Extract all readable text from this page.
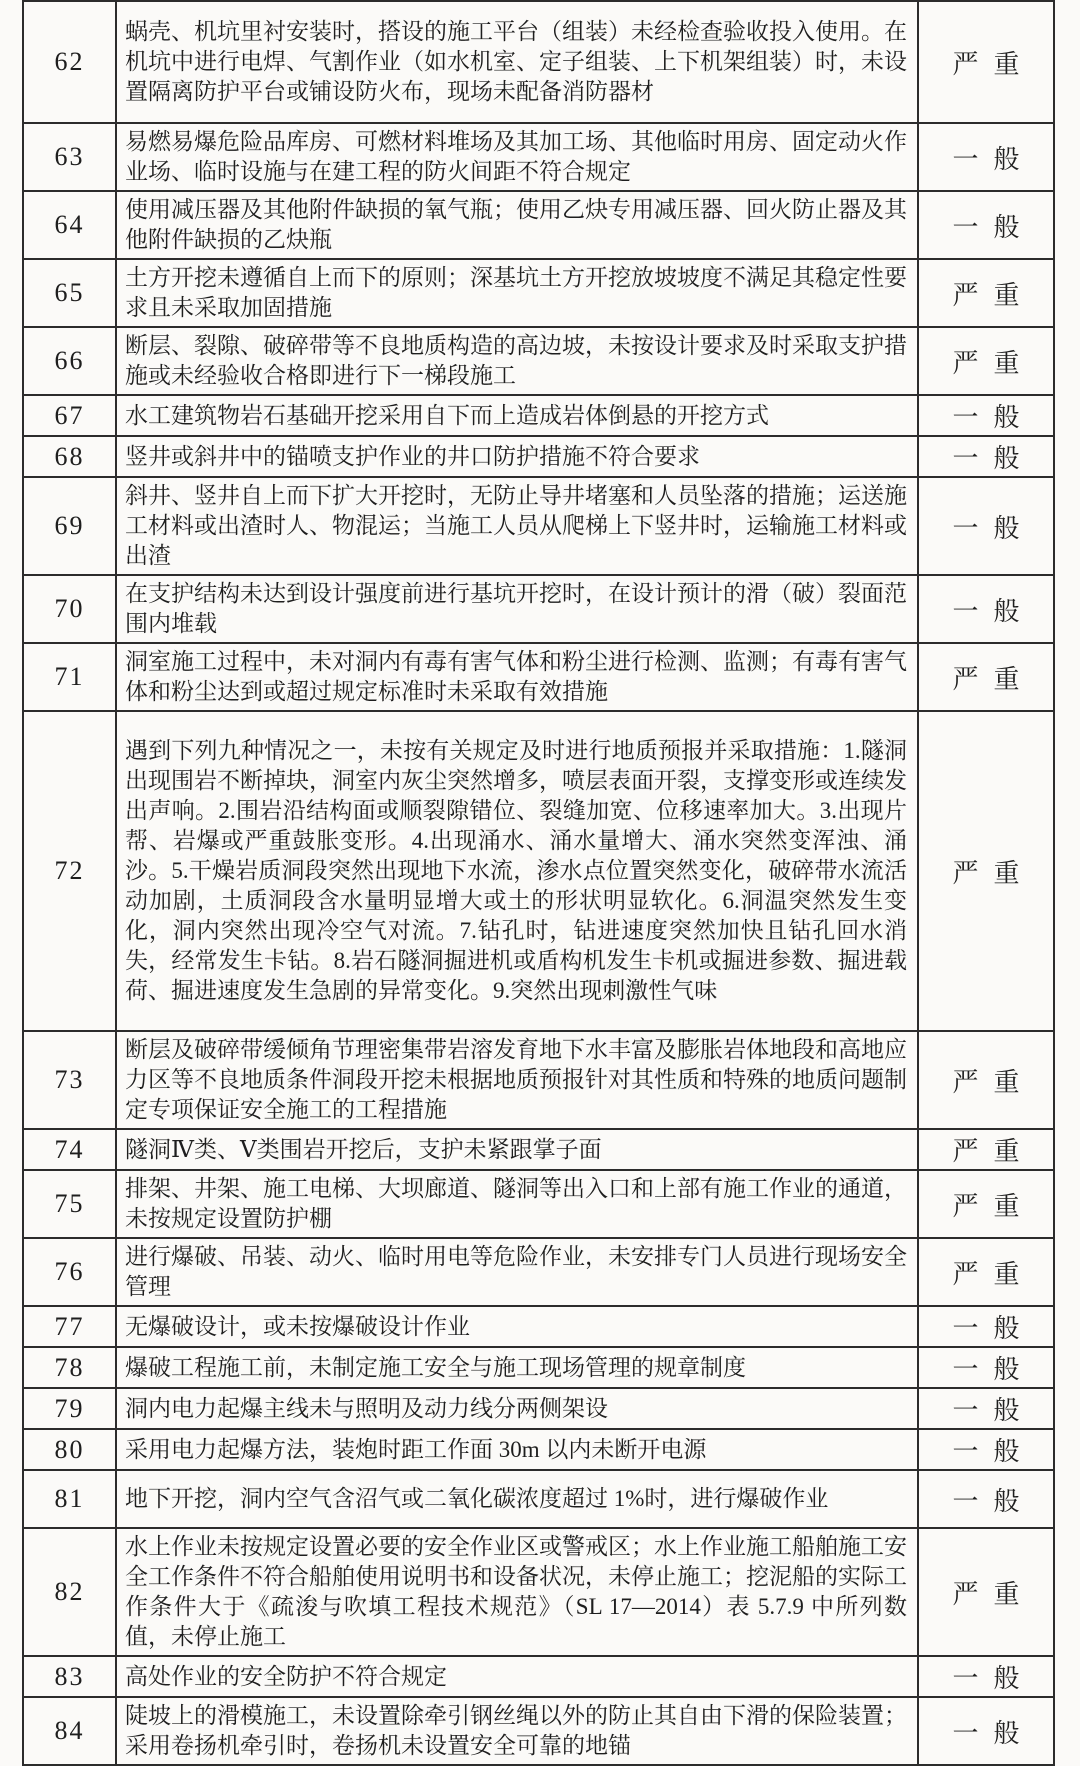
62	蜗壳、机坑里衬安装时，搭设的施工平台（组装）未经检查验收投入使用。在机坑中进行电焊、气割作业（如水机室、定子组装、上下机架组装）时，未设置隔离防护平台或铺设防火布，现场未配备消防器材	严重
63	易燃易爆危险品库房、可燃材料堆场及其加工场、其他临时用房、固定动火作业场、临时设施与在建工程的防火间距不符合规定	一般
64	使用减压器及其他附件缺损的氧气瓶；使用乙炔专用减压器、回火防止器及其他附件缺损的乙炔瓶	一般
65	土方开挖未遵循自上而下的原则；深基坑土方开挖放坡坡度不满足其稳定性要求且未采取加固措施	严重
66	断层、裂隙、破碎带等不良地质构造的高边坡，未按设计要求及时采取支护措施或未经验收合格即进行下一梯段施工	严重
67	水工建筑物岩石基础开挖采用自下而上造成岩体倒悬的开挖方式	一般
68	竖井或斜井中的锚喷支护作业的井口防护措施不符合要求	一般
69	斜井、竖井自上而下扩大开挖时，无防止导井堵塞和人员坠落的措施；运送施工材料或出渣时人、物混运；当施工人员从爬梯上下竖井时，运输施工材料或出渣	一般
70	在支护结构未达到设计强度前进行基坑开挖时，在设计预计的滑（破）裂面范围内堆载	一般
71	洞室施工过程中，未对洞内有毒有害气体和粉尘进行检测、监测；有毒有害气体和粉尘达到或超过规定标准时未采取有效措施	严重
72	遇到下列九种情况之一，未按有关规定及时进行地质预报并采取措施：1.隧洞出现围岩不断掉块，洞室内灰尘突然增多，喷层表面开裂，支撑变形或连续发出声响。2.围岩沿结构面或顺裂隙错位、裂缝加宽、位移速率加大。3.出现片帮、岩爆或严重鼓胀变形。4.出现涌水、涌水量增大、涌水突然变浑浊、涌沙。5.干燥岩质洞段突然出现地下水流，渗水点位置突然变化，破碎带水流活动加剧，土质洞段含水量明显增大或土的形状明显软化。6.洞温突然发生变化，洞内突然出现冷空气对流。7.钻孔时，钻进速度突然加快且钻孔回水消失，经常发生卡钻。8.岩石隧洞掘进机或盾构机发生卡机或掘进参数、掘进载荷、掘进速度发生急剧的异常变化。9.突然出现刺激性气味	严重
73	断层及破碎带缓倾角节理密集带岩溶发育地下水丰富及膨胀岩体地段和高地应力区等不良地质条件洞段开挖未根据地质预报针对其性质和特殊的地质问题制定专项保证安全施工的工程措施	严重
74	隧洞Ⅳ类、Ⅴ类围岩开挖后，支护未紧跟掌子面	严重
75	排架、井架、施工电梯、大坝廊道、隧洞等出入口和上部有施工作业的通道，未按规定设置防护棚	严重
76	进行爆破、吊装、动火、临时用电等危险作业，未安排专门人员进行现场安全管理	严重
77	无爆破设计，或未按爆破设计作业	一般
78	爆破工程施工前，未制定施工安全与施工现场管理的规章制度	一般
79	洞内电力起爆主线未与照明及动力线分两侧架设	一般
80	采用电力起爆方法，装炮时距工作面 30m 以内未断开电源	一般
81	地下开挖，洞内空气含沼气或二氧化碳浓度超过 1%时，进行爆破作业	一般
82	水上作业未按规定设置必要的安全作业区或警戒区；水上作业施工船舶施工安全工作条件不符合船舶使用说明书和设备状况，未停止施工；挖泥船的实际工作条件大于《疏浚与吹填工程技术规范》（SL 17—2014）表 5.7.9 中所列数值，未停止施工	严重
83	高处作业的安全防护不符合规定	一般
84	陡坡上的滑模施工，未设置除牵引钢丝绳以外的防止其自由下滑的保险装置；采用卷扬机牵引时，卷扬机未设置安全可靠的地锚	一般
